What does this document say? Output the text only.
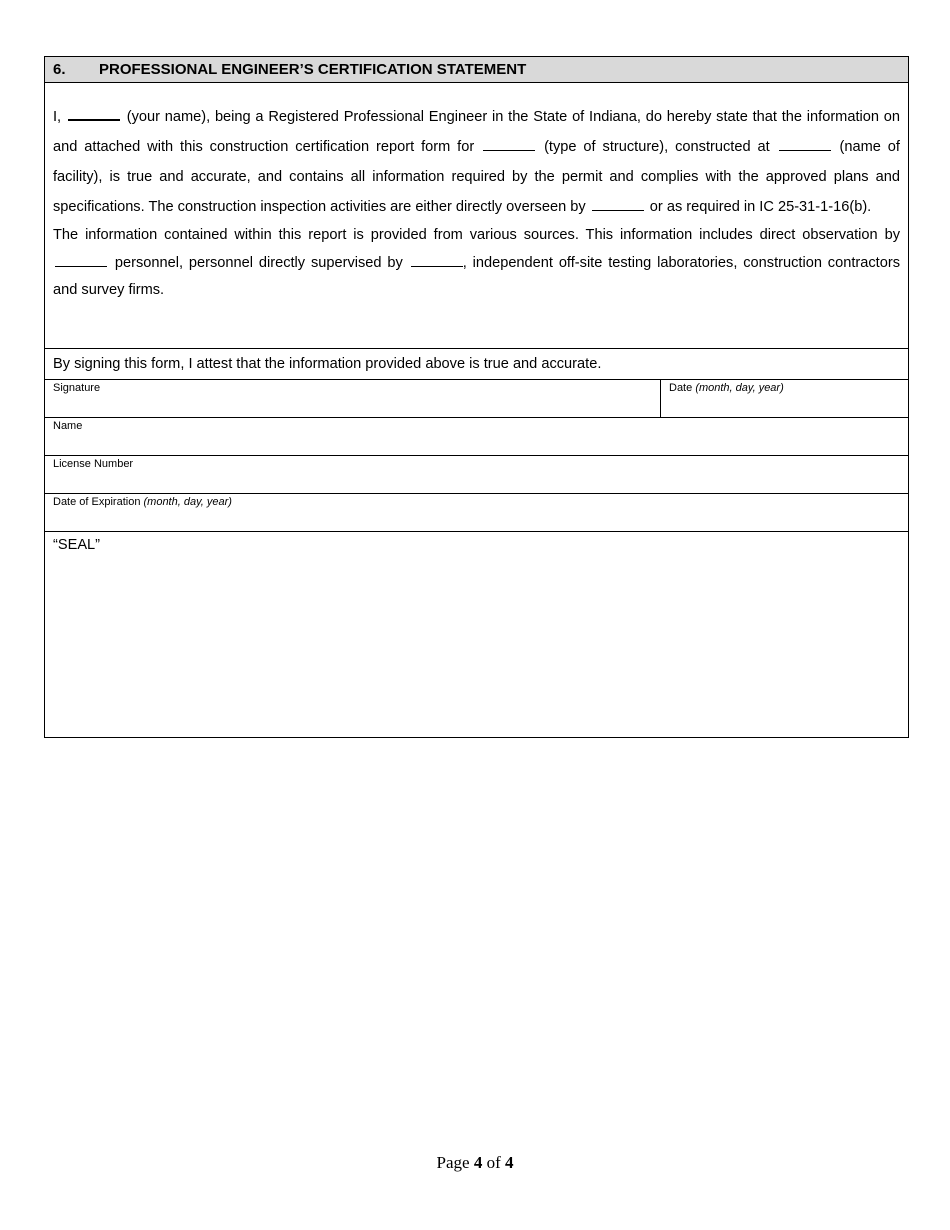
6. PROFESSIONAL ENGINEER’S CERTIFICATION STATEMENT

I,	(your name), being a Registered Professional Engineer in the State of Indiana, do hereby state that the information on and attached with this construction certification report form for	(type of structure), constructed at	(name of facility), is true and accurate, and contains all information required by the permit and complies with the approved plans and specifications. The construction inspection activities are either directly overseen by	or as required in IC 25-31-1-16(b).

The information contained within this report is provided from various sources. This information includes direct observation by  personnel, personnel directly supervised by	, independent off-site testing laboratories, construction contractors and survey firms.

By signing this form, I attest that the information provided above is true and accurate.
Signature	Date (month, day, year)
Name
License Number
Date of Expiration (month, day, year)
“SEAL”
Page 4 of 4
